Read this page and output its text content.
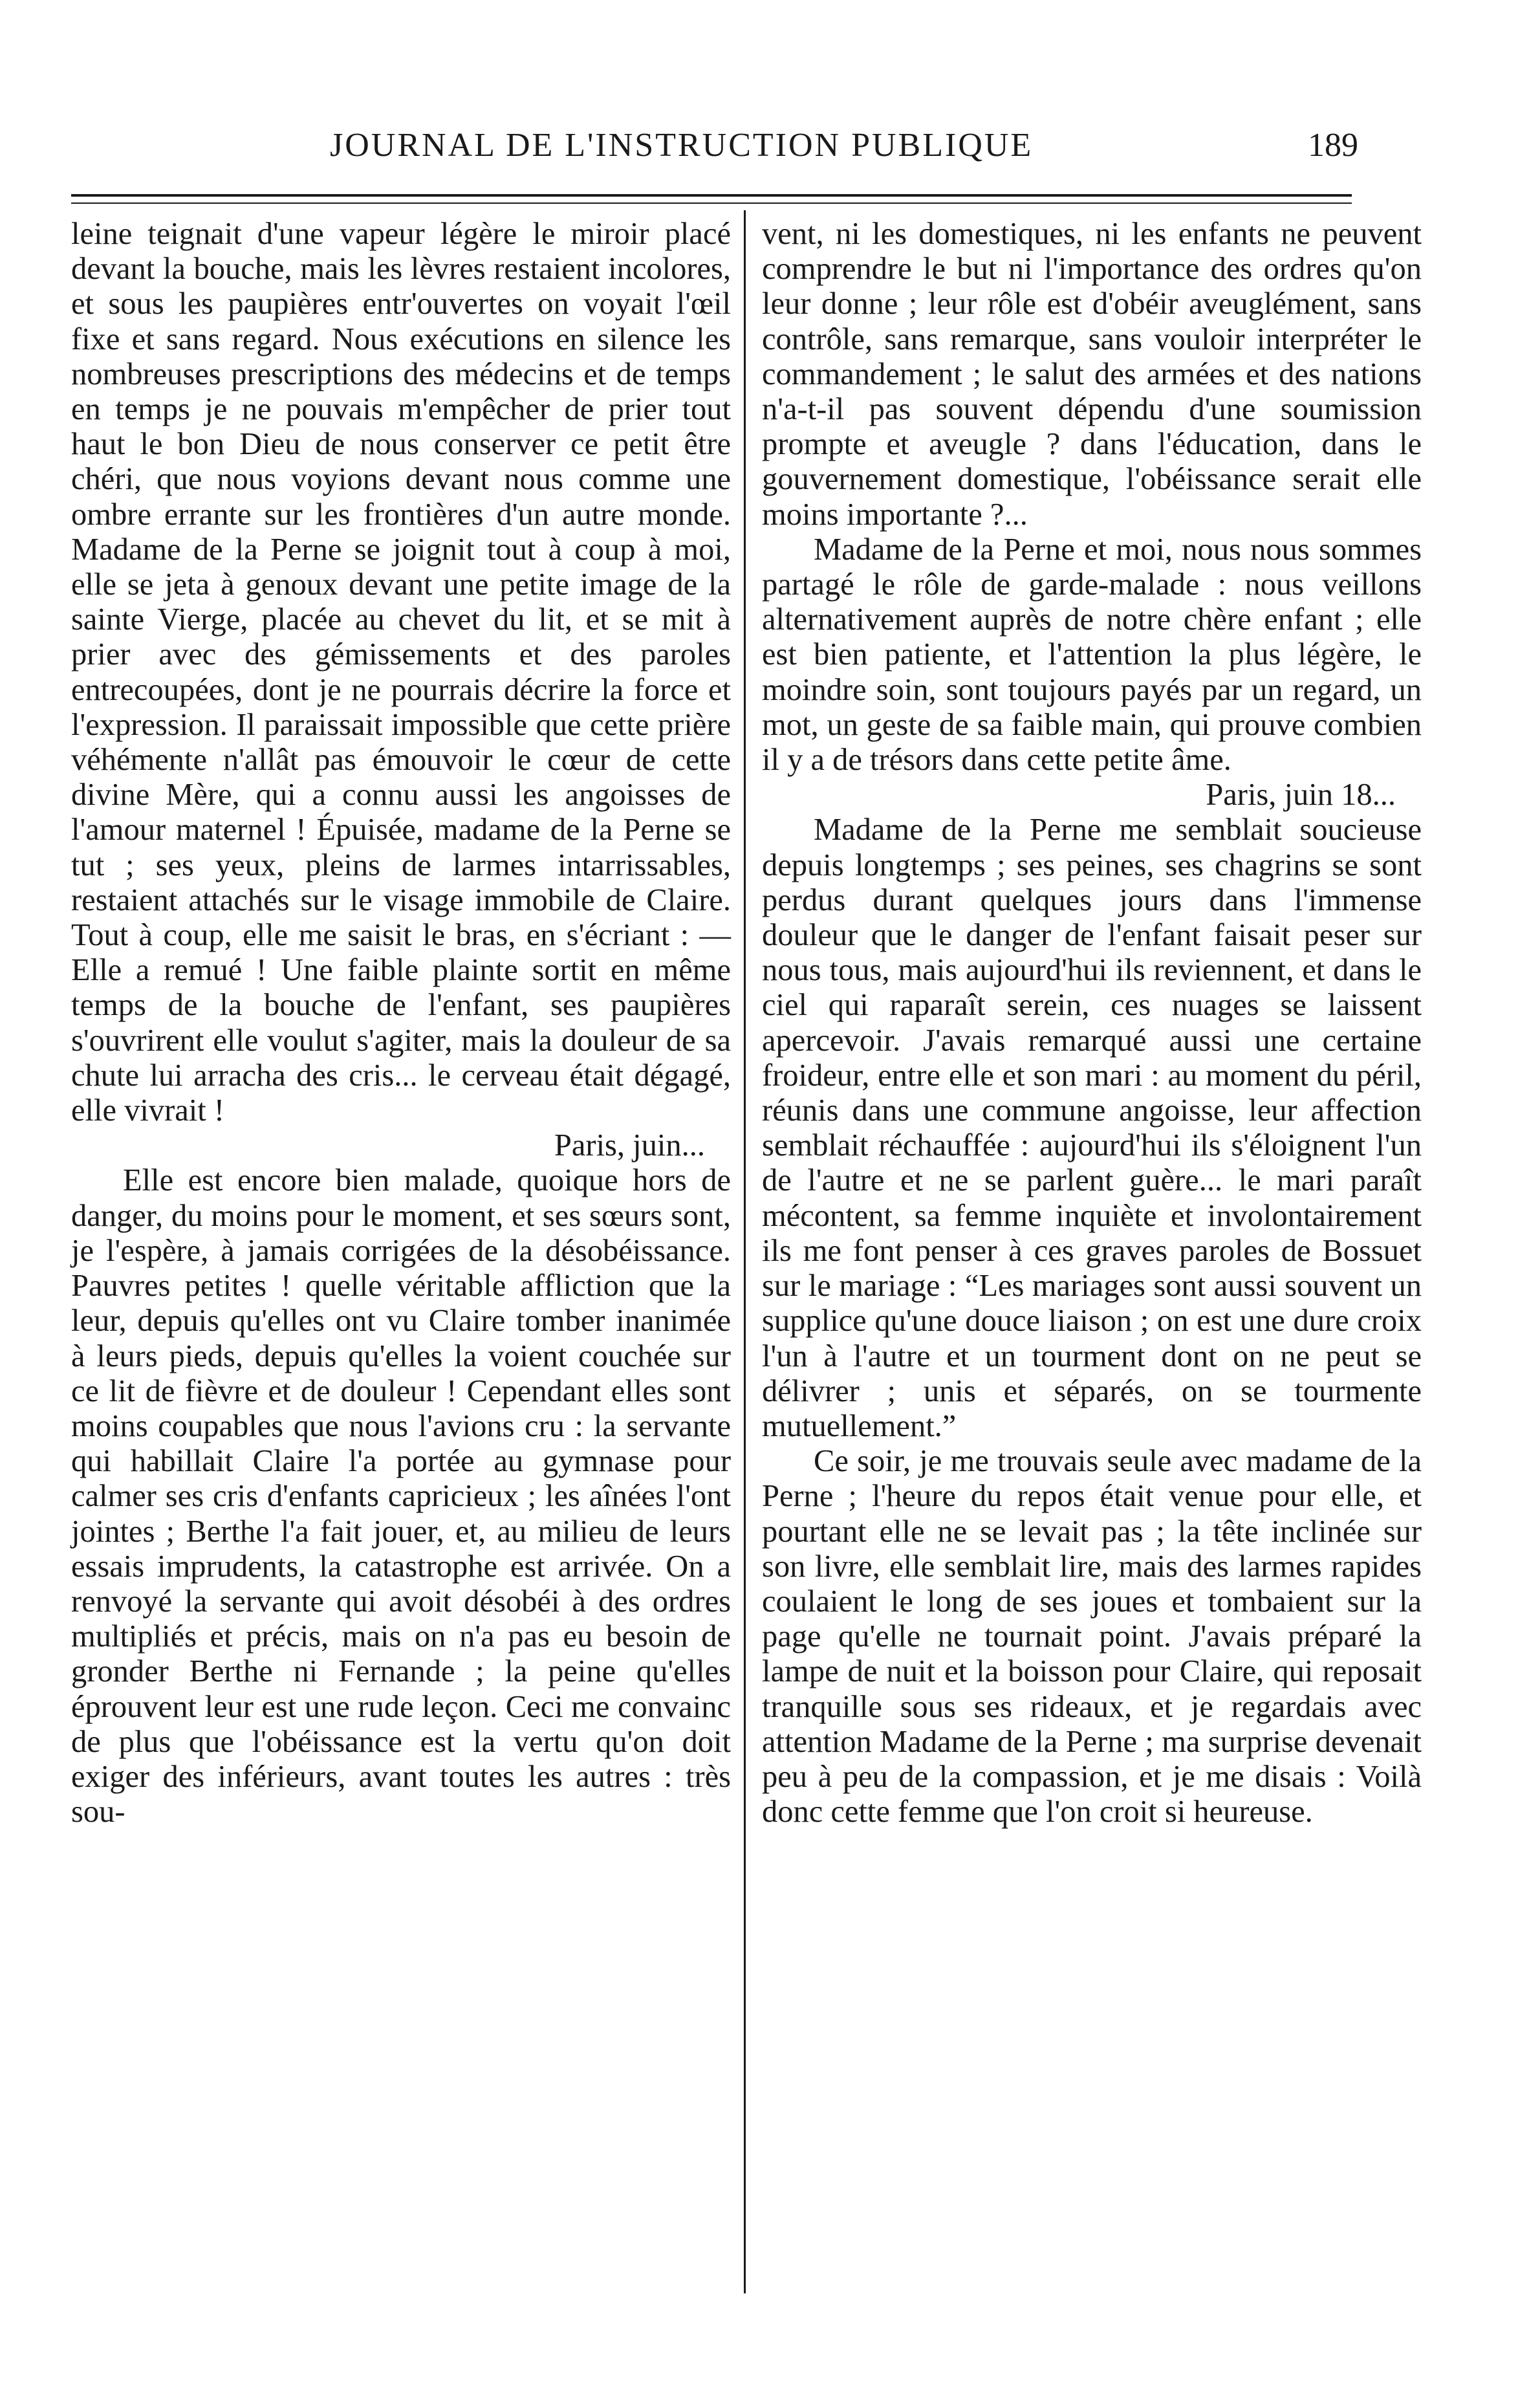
JOURNAL DE L'INSTRUCTION PUBLIQUE	189

leine teignait d'une vapeur légère le miroir placé devant la bouche, mais les lèvres restaient incolores, et sous les paupières entr'ouvertes on voyait l'œil fixe et sans regard. Nous exécutions en silence les nombreuses prescriptions des médecins et de temps en temps je ne pouvais m'empêcher de prier tout haut le bon Dieu de nous conserver ce petit être chéri, que nous voyions devant nous comme une ombre errante sur les frontières d'un autre monde. Madame de la Perne se joignit tout à coup à moi, elle se jeta à genoux devant une petite image de la sainte Vierge, placée au chevet du lit, et se mit à prier avec des gémissements et des paroles entrecoupées, dont je ne pourrais décrire la force et l'expression. Il paraissait impossible que cette prière véhémente n'allât pas émouvoir le cœur de cette divine Mère, qui a connu aussi les angoisses de l'amour maternel ! Épuisée, madame de la Perne se tut ; ses yeux, pleins de larmes intarrissables, restaient attachés sur le visage immobile de Claire. Tout à coup, elle me saisit le bras, en s'écriant : — Elle a remué ! Une faible plainte sortit en même temps de la bouche de l'enfant, ses paupières s'ouvrirent elle voulut s'agiter, mais la douleur de sa chute lui arracha des cris... le cerveau était dégagé, elle vivrait !

Paris, juin...

Elle est encore bien malade, quoique hors de danger, du moins pour le moment, et ses sœurs sont, je l'espère, à jamais corrigées de la désobéissance. Pauvres petites ! quelle véritable affliction que la leur, depuis qu'elles ont vu Claire tomber inanimée à leurs pieds, depuis qu'elles la voient couchée sur ce lit de fièvre et de douleur ! Cependant elles sont moins coupables que nous l'avions cru : la servante qui habillait Claire l'a portée au gymnase pour calmer ses cris d'enfants capricieux ; les aînées l'ont jointes ; Berthe l'a fait jouer, et, au milieu de leurs essais imprudents, la catastrophe est arrivée. On a renvoyé la servante qui avoit désobéi à des ordres multipliés et précis, mais on n'a pas eu besoin de gronder Berthe ni Fernande ; la peine qu'elles éprouvent leur est une rude leçon. Ceci me convainc de plus que l'obéissance est la vertu qu'on doit exiger des inférieurs, avant toutes les autres : très sou-

vent, ni les domestiques, ni les enfants ne peuvent comprendre le but ni l'importance des ordres qu'on leur donne ; leur rôle est d'obéir aveuglément, sans contrôle, sans remarque, sans vouloir interpréter le commandement ; le salut des armées et des nations n'a-t-il pas souvent dépendu d'une soumission prompte et aveugle ? dans l'éducation, dans le gouvernement domestique, l'obéissance serait elle moins importante ?...

Madame de la Perne et moi, nous nous sommes partagé le rôle de garde-malade : nous veillons alternativement auprès de notre chère enfant ; elle est bien patiente, et l'attention la plus légère, le moindre soin, sont toujours payés par un regard, un mot, un geste de sa faible main, qui prouve combien il y a de trésors dans cette petite âme.

Paris, juin 18...

Madame de la Perne me semblait soucieuse depuis longtemps ; ses peines, ses chagrins se sont perdus durant quelques jours dans l'immense douleur que le danger de l'enfant faisait peser sur nous tous, mais aujourd'hui ils reviennent, et dans le ciel qui raparaît serein, ces nuages se laissent apercevoir. J'avais remarqué aussi une certaine froideur, entre elle et son mari : au moment du péril, réunis dans une commune angoisse, leur affection semblait réchauffée : aujourd'hui ils s'éloignent l'un de l'autre et ne se parlent guère... le mari paraît mécontent, sa femme inquiète et involontairement ils me font penser à ces graves paroles de Bossuet sur le mariage : “Les mariages sont aussi souvent un supplice qu'une douce liaison ; on est une dure croix l'un à l'autre et un tourment dont on ne peut se délivrer ; unis et séparés, on se tourmente mutuellement.”

Ce soir, je me trouvais seule avec madame de la Perne ; l'heure du repos était venue pour elle, et pourtant elle ne se levait pas ; la tête inclinée sur son livre, elle semblait lire, mais des larmes rapides coulaient le long de ses joues et tombaient sur la page qu'elle ne tournait point. J'avais préparé la lampe de nuit et la boisson pour Claire, qui reposait tranquille sous ses rideaux, et je regardais avec attention Madame de la Perne ; ma surprise devenait peu à peu de la compassion, et je me disais : Voilà donc cette femme que l'on croit si heureuse.
